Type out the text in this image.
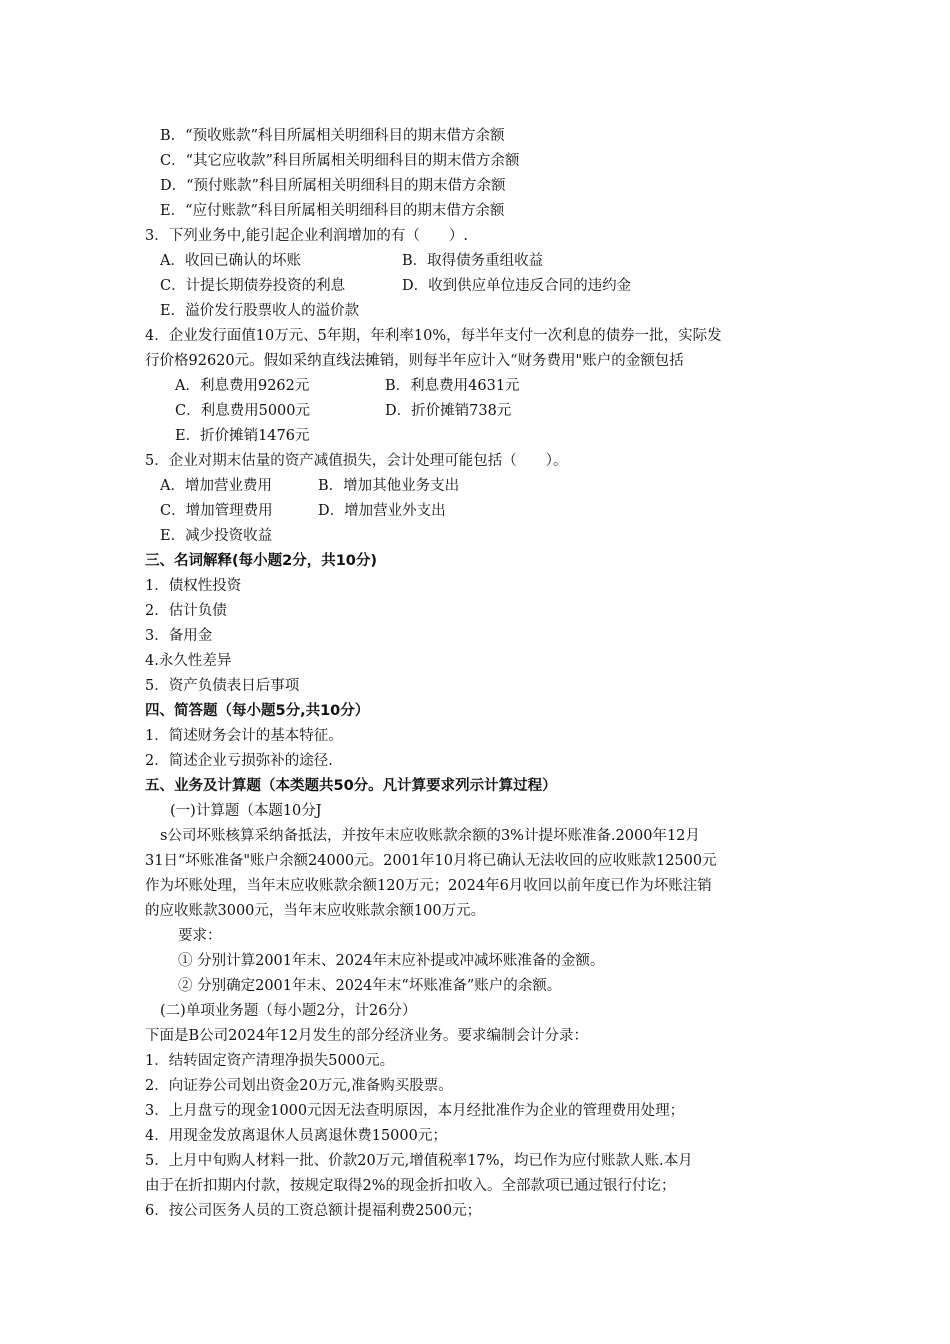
B．“预收账款”科目所属相关明细科目的期末借方余额
C．“其它应收款”科目所属相关明细科目的期末借方余额
D．“预付账款”科目所属相关明细科目的期末借方余额
E．“应付账款”科目所属相关明细科目的期末借方余额
3．下列业务中,能引起企业利润增加的有（　　）.
A．收回已确认的坏账	B．取得债务重组收益
C．计提长期债券投资的利息	D．收到供应单位违反合同的违约金
E．溢价发行股票收人的溢价款
4．企业发行面值10万元、5年期，年利率10%，每半年支付一次利息的债券一批，实际发
行价格92620元。假如采纳直线法摊销，则每半年应计入“财务费用"账户的金额包括
A．利息费用9262元	B．利息费用4631元
C．利息费用5000元	D．折价摊销738元
E．折价摊销1476元
5．企业对期末估量的资产减值损失，会计处理可能包括（　　）。
A．增加营业费用	B．增加其他业务支出
C．增加管理费用	D．增加营业外支出
E．减少投资收益
三、名词解释(每小题2分，共10分)
1．债权性投资
2．估计负债
3．备用金
4.永久性差异
5．资产负债表日后事项
四、简答题（每小题5分,共10分）
1．简述财务会计的基本特征。
2．简述企业亏损弥补的途径.
五、业务及计算题（本类题共50分。凡计算要求列示计算过程）
(一)计算题（本题10分J
s公司坏账核算采纳备抵法，并按年末应收账款余额的3%计提坏账准备.2000年12月
31日“坏账准备"账户余额24000元。2001年10月将已确认无法收回的应收账款12500元
作为坏账处理，当年末应收账款余额120万元；2024年6月收回以前年度已作为坏账注销
的应收账款3000元，当年末应收账款余额100万元。
要求：
① 分别计算2001年末、2024年末应补提或冲减坏账准备的金额。
② 分别确定2001年末、2024年末“坏账准备”账户的余额。
(二)单项业务题（每小题2分，计26分）
下面是B公司2024年12月发生的部分经济业务。要求编制会计分录：
1．结转固定资产清理净损失5000元。
2．向证券公司划出资金20万元,准备购买股票。
3．上月盘亏的现金1000元因无法查明原因，本月经批准作为企业的管理费用处理；
4．用现金发放离退休人员离退休费15000元；
5．上月中旬购人材料一批、价款20万元,增值税率17%，均已作为应付账款人账.本月
由于在折扣期内付款，按规定取得2%的现金折扣收入。全部款项已通过银行付讫；
6．按公司医务人员的工资总额计提福利费2500元；
